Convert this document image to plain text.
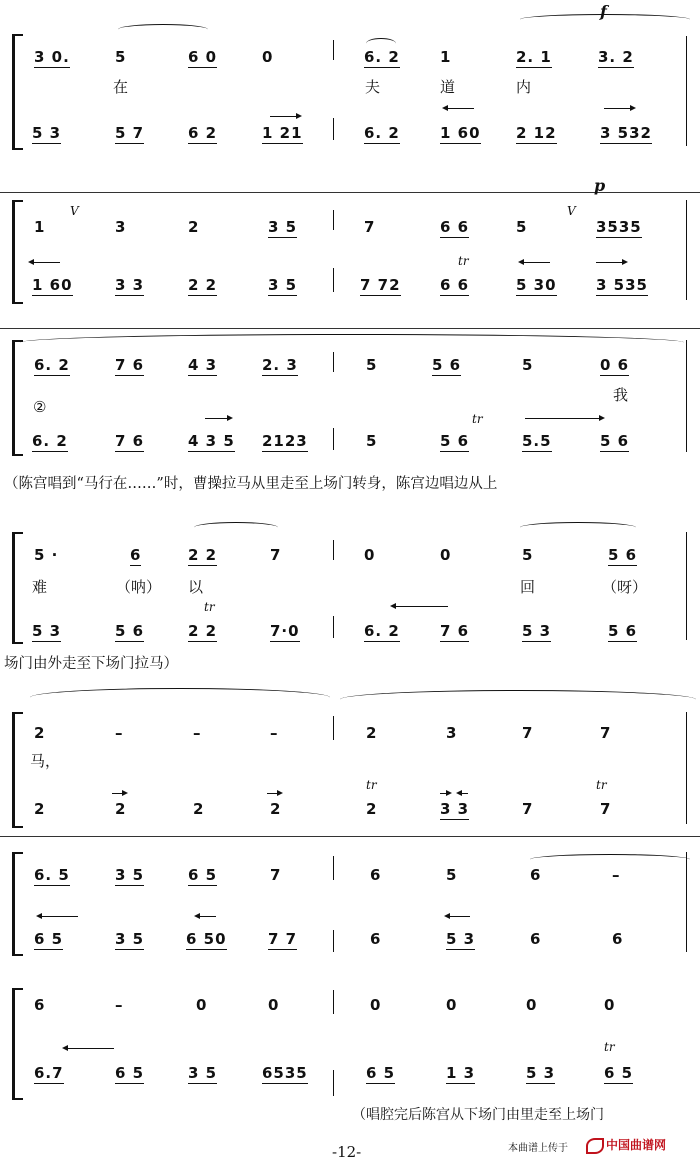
f
3 0.	5	6 0	0	6. 2	1	2. 1	3. 2
在	夫	道	内
5 3	5 7	6 2	1 21	6. 2	1 60 2 12	3 532
p
V	V
1	3	2	3 5	7	6 6	5	3535
tr
1 60	3 3	2 2	3 5	7 72	6 6	5 30	3 535
6. 2	7 6	4 3	2. 3	5	5 6	5	0 6
我
②
tr
6. 2	7 6	4 3 5 2123	5	5 6	5.5	5 6
（陈宫唱到“马行在……”时，曹操拉马从里走至上场门转身，陈宫边唱边从上
5 ·	6	2 2	7	0	0	5	5 6
难	（呐） 以	回	（呀）
tr
5 3	5 6	2 2	7·0	6. 2	7 6	5 3	5 6
场门由外走至下场门拉马）
2	–	–	–	2	3	7	7
马，
tr	tr
2	2	2	2	2	3 3	7	7
6. 5	3 5	6 5	7	6	5	6	–
6 5	3 5	6 50	7 7	6	5 3	6	6
6	–	0	0	0	0	0	0
tr
6.7	6 5	3 5	6535	6 5	1 3	5 3	6 5
（唱腔完后陈宫从下场门由里走至上场门
-12-	本曲谱上传于	中国曲谱网
